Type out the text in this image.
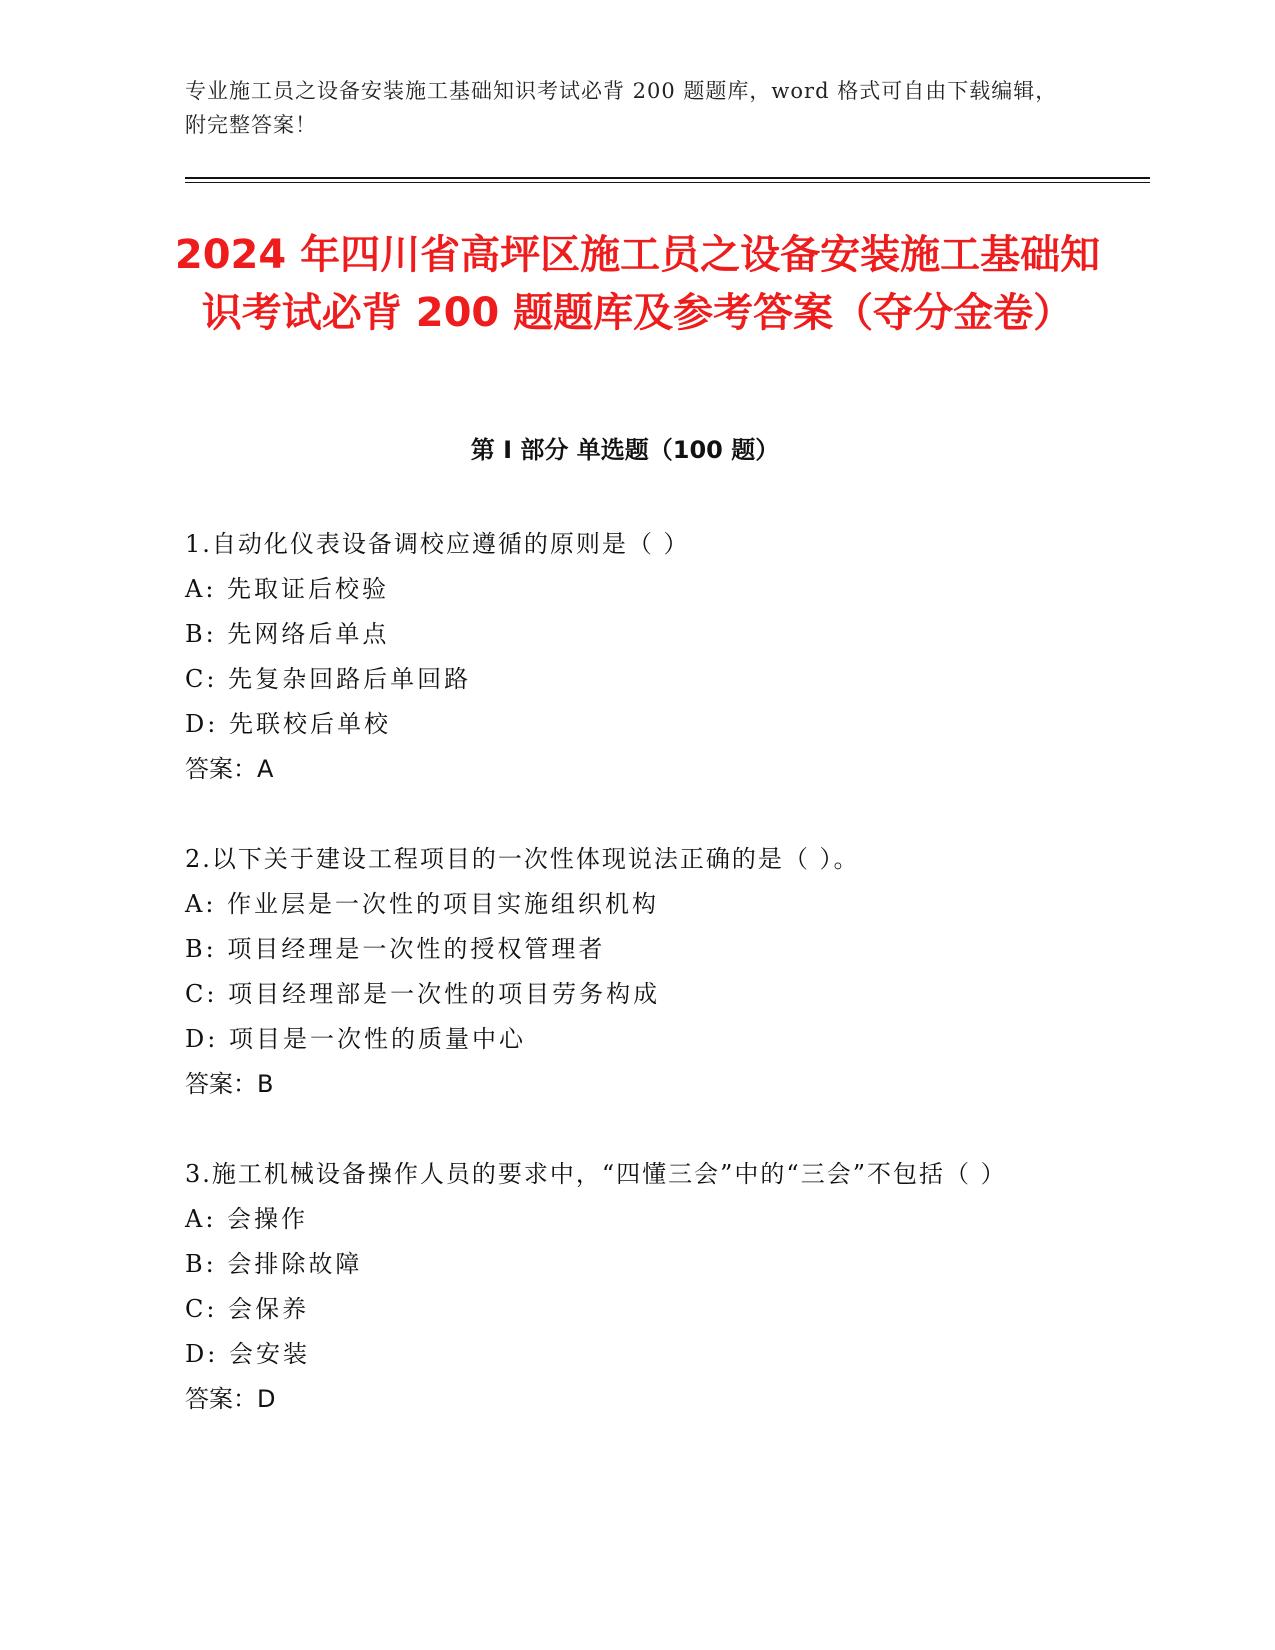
专业施工员之设备安装施工基础知识考试必背 200 题题库，word 格式可自由下载编辑，附完整答案！
2024 年四川省高坪区施工员之设备安装施工基础知识考试必背 200 题题库及参考答案（夺分金卷）
第 I 部分 单选题（100 题）

1.自动化仪表设备调校应遵循的原则是（ ）

A: 先取证后校验

B: 先网络后单点

C: 先复杂回路后单回路

D: 先联校后单校

答案：A

2.以下关于建设工程项目的一次性体现说法正确的是（ ）。

A: 作业层是一次性的项目实施组织机构

B: 项目经理是一次性的授权管理者

C: 项目经理部是一次性的项目劳务构成

D: 项目是一次性的质量中心

答案：B

3.施工机械设备操作人员的要求中，“四懂三会”中的“三会”不包括（ ）

A: 会操作

B: 会排除故障

C: 会保养

D: 会安装

答案：D
